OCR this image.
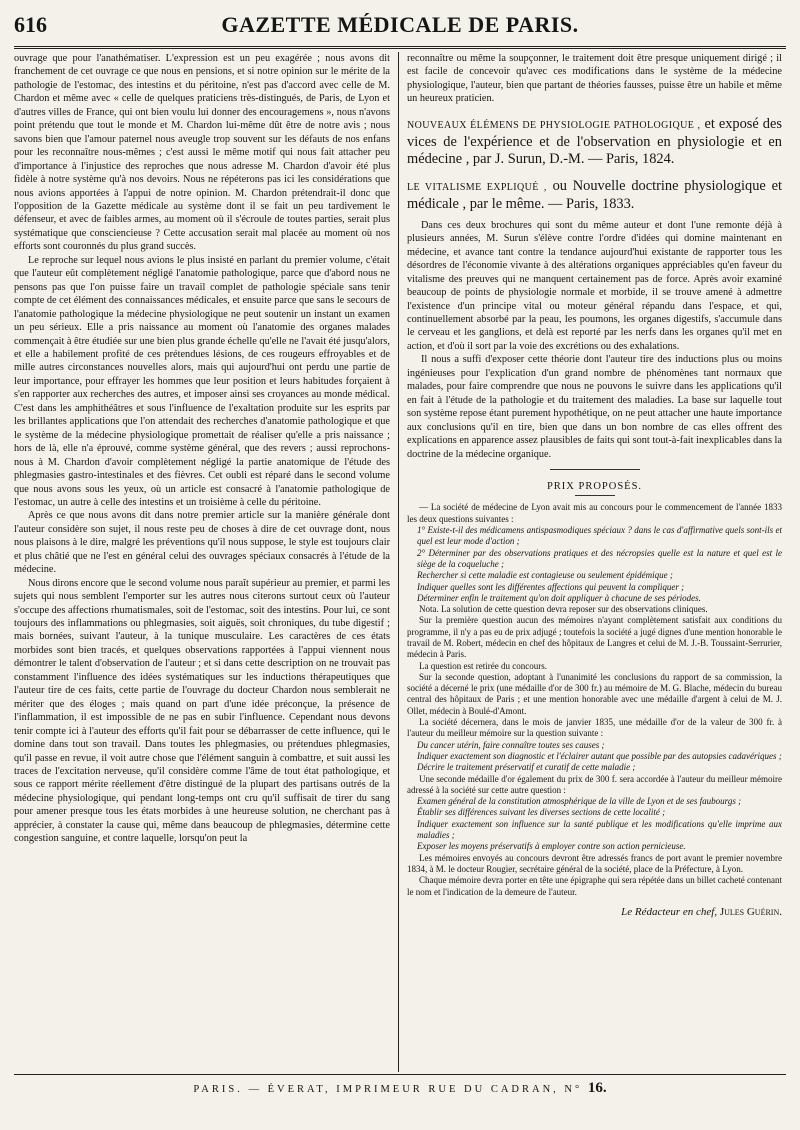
616	GAZETTE MÉDICALE DE PARIS.

ouvrage que pour l'anathématiser. L'expression est un peu exagérée ; nous avons dit franchement de cet ouvrage ce que nous en pensions, et si notre opinion sur le mérite de la pathologie de l'estomac, des intestins et du péritoine, n'est pas d'accord avec celle de M. Chardon et même avec « celle de quelques praticiens très-distingués, de Paris, de Lyon et d'autres villes de France, qui ont bien voulu lui donner des encouragemens », nous n'avons point prétendu que tout le monde et M. Chardon lui-même dût être de notre avis ; nous savons bien que l'amour paternel nous aveugle trop souvent sur les défauts de nos enfans pour les reconnaître nous-mêmes ; c'est aussi le même motif qui nous fait attacher peu d'importance à l'injustice des reproches que nous adresse M. Chardon d'avoir été plus fidèle à notre système qu'à nos devoirs. Nous ne répéterons pas ici les considérations que nous avions apportées à l'appui de notre opinion. M. Chardon prétendrait-il donc que l'opposition de la Gazette médicale au système dont il se fait un peu tardivement le défenseur, et avec de faibles armes, au moment où il s'écroule de toutes parties, serait plus systématique que consciencieuse ? Cette accusation serait mal placée au moment où nos efforts sont couronnés du plus grand succès.

Le reproche sur lequel nous avions le plus insisté en parlant du premier volume, c'était que l'auteur eût complètement négligé l'anatomie pathologique, parce que d'abord nous ne pensons pas que l'on puisse faire un travail complet de pathologie spéciale sans tenir compte de cet élément des connaissances médicales, et ensuite parce que sans le secours de l'anatomie pathologique la médecine physiologique ne peut soutenir un instant un examen un peu sérieux. Elle a pris naissance au moment où l'anatomie des organes malades commençait à être étudiée sur une bien plus grande échelle qu'elle ne l'avait été jusqu'alors, et elle a habilement profité de ces prétendues lésions, de ces rougeurs effroyables et de mille autres circonstances nouvelles alors, mais qui aujourd'hui ont perdu une partie de leur importance, pour effrayer les hommes que leur position et leurs habitudes forçaient à s'en rapporter aux recherches des autres, et imposer ainsi ses croyances au monde médical. C'est dans les amphithéâtres et sous l'influence de l'exaltation produite sur les esprits par les brillantes applications que l'on attendait des recherches d'anatomie pathologique et que le système de la médecine physiologique promettait de réaliser qu'elle a pris naissance ; hors de là, elle n'a éprouvé, comme système général, que des revers ; aussi reprochons-nous à M. Chardon d'avoir complètement négligé la partie anatomique de l'étude des phlegmasies gastro-intestinales et des fièvres. Cet oubli est réparé dans le second volume que nous avons sous les yeux, où un article est consacré à l'anatomie pathologique de l'estomac, un autre à celle des intestins et un troisième à celle du péritoine.

Après ce que nous avons dit dans notre premier article sur la manière générale dont l'auteur considère son sujet, il nous reste peu de choses à dire de cet ouvrage dont, nous nous plaisons à le dire, malgré les préventions qu'il nous suppose, le style est toujours clair et plus châtié que ne l'est en général celui des ouvrages spéciaux consacrés à l'étude de la médecine.

Nous dirons encore que le second volume nous paraît supérieur au premier, et parmi les sujets qui nous semblent l'emporter sur les autres nous citerons surtout ceux où l'auteur s'occupe des affections rhumatismales, soit de l'estomac, soit des intestins. Pour lui, ce sont toujours des inflammations ou phlegmasies, soit aiguës, soit chroniques, du tube digestif ; mais bornées, suivant l'auteur, à la tunique musculaire. Les caractères de ces états morbides sont bien tracés, et quelques observations rapportées à l'appui viennent nous démontrer le talent d'observation de l'auteur ; et si dans cette description on ne trouvait pas constamment l'influence des idées systématiques sur les inductions thérapeutiques que l'auteur tire de ces faits, cette partie de l'ouvrage du docteur Chardon nous semblerait ne mériter que des éloges ; mais quand on part d'une idée préconçue, la présence de l'inflammation, il est impossible de ne pas en subir l'influence. Cependant nous devons tenir compte ici à l'auteur des efforts qu'il fait pour se débarrasser de cette influence, qui le domine dans tout son travail. Dans toutes les phlegmasies, ou prétendues phlegmasies, qu'il passe en revue, il voit autre chose que l'élément sanguin à combattre, et suit aussi les traces de l'excitation nerveuse, qu'il considère comme l'âme de tout état pathologique, et sous ce rapport mérite réellement d'être distingué de la plupart des partisans outrés de la médecine physiologique, qui pendant long-temps ont cru qu'il suffisait de tirer du sang pour amener presque tous les états morbides à une heureuse solution, ne cherchant pas à apprécier, à constater la cause qui, même dans beaucoup de phlegmasies, détermine cette congestion sanguine, et contre laquelle, lorsqu'on peut la

reconnaître ou même la soupçonner, le traitement doit être presque uniquement dirigé ; il est facile de concevoir qu'avec ces modifications dans le système de la médecine physiologique, l'auteur, bien que partant de théories fausses, puisse être un habile et même un heureux praticien.

NOUVEAUX ÉLÉMENS DE PHYSIOLOGIE PATHOLOGIQUE , et exposé des vices de l'expérience et de l'observation en physiologie et en médecine , par J. Surun, D.-M. — Paris, 1824.

LE VITALISME EXPLIQUÉ , ou Nouvelle doctrine physiologique et médicale , par le même. — Paris, 1833.

Dans ces deux brochures qui sont du même auteur et dont l'une remonte déjà à plusieurs années, M. Surun s'élève contre l'ordre d'idées qui domine maintenant en médecine, et avance tant contre la tendance aujourd'hui existante de rapporter tous les désordres de l'économie vivante à des altérations organiques appréciables qu'en faveur du vitalisme des preuves qui ne manquent certainement pas de force. Après avoir examiné beaucoup de points de physiologie normale et morbide, il se trouve amené à admettre l'existence d'un principe vital ou moteur général répandu dans l'espace, et qui, continuellement absorbé par la peau, les poumons, les organes digestifs, s'accumule dans le cerveau et les ganglions, et delà est reporté par les nerfs dans les organes qu'il met en action, et d'où il sort par la voie des excrétions ou des exhalations.

Il nous a suffi d'exposer cette théorie dont l'auteur tire des inductions plus ou moins ingénieuses pour l'explication d'un grand nombre de phénomènes tant normaux que malades, pour faire comprendre que nous ne pouvons le suivre dans les applications qu'il en fait à l'étude de la pathologie et du traitement des maladies. La base sur laquelle tout son système repose étant purement hypothétique, on ne peut attacher une haute importance aux conclusions qu'il en tire, bien que dans un bon nombre de cas elles offrent des explications en apparence assez plausibles de faits qui sont tout-à-fait inexplicables dans la doctrine de la médecine organique.

PRIX PROPOSÉS.

— La société de médecine de Lyon avait mis au concours pour le commencement de l'année 1833 les deux questions suivantes :

1° Existe-t-il des médicamens antispasmodiques spéciaux ? dans le cas d'affirmative quels sont-ils et quel est leur mode d'action ;

2° Déterminer par des observations pratiques et des nécropsies quelle est la nature et quel est le siège de la coqueluche ;

Rechercher si cette maladie est contagieuse ou seulement épidémique ;

Indiquer quelles sont les différentes affections qui peuvent la compliquer ;

Déterminer enfin le traitement qu'on doit appliquer à chacune de ses périodes.

Nota. La solution de cette question devra reposer sur des observations cliniques.

Sur la première question aucun des mémoires n'ayant complètement satisfait aux conditions du programme, il n'y a pas eu de prix adjugé ; toutefois la société a jugé dignes d'une mention honorable le travail de M. Robert, médecin en chef des hôpitaux de Langres et celui de M. J.-B. Toussaint-Serrurier, médecin à Paris.

La question est retirée du concours.

Sur la seconde question, adoptant à l'unanimité les conclusions du rapport de sa commission, la société a décerné le prix (une médaille d'or de 300 fr.) au mémoire de M. G. Blache, médecin du bureau central des hôpitaux de Paris ; et une mention honorable avec une médaille d'argent à celui de M. J. Ollet, médecin à Boulé-d'Amont.

La société décernera, dans le mois de janvier 1835, une médaille d'or de la valeur de 300 fr. à l'auteur du meilleur mémoire sur la question suivante :

Du cancer utérin, faire connaître toutes ses causes ;

Indiquer exactement son diagnostic et l'éclairer autant que possible par des autopsies cadavériques ;

Décrire le traitement préservatif et curatif de cette maladie ;

Une seconde médaille d'or également du prix de 300 f. sera accordée à l'auteur du meilleur mémoire adressé à la société sur cette autre question :

Examen général de la constitution atmosphérique de la ville de Lyon et de ses faubourgs ;

Établir ses différences suivant les diverses sections de cette localité ;

Indiquer exactement son influence sur la santé publique et les modifications qu'elle imprime aux maladies ;

Exposer les moyens préservatifs à employer contre son action pernicieuse.

Les mémoires envoyés au concours devront être adressés francs de port avant le premier novembre 1834, à M. le docteur Rougier, secrétaire général de la société, place de la Préfecture, à Lyon.

Chaque mémoire devra porter en tête une épigraphe qui sera répétée dans un billet cacheté contenant le nom et l'indication de la demeure de l'auteur.

Le Rédacteur en chef, Jules Guérin.
PARIS. — ÉVERAT, IMPRIMEUR RUE DU CADRAN, N° 16.
